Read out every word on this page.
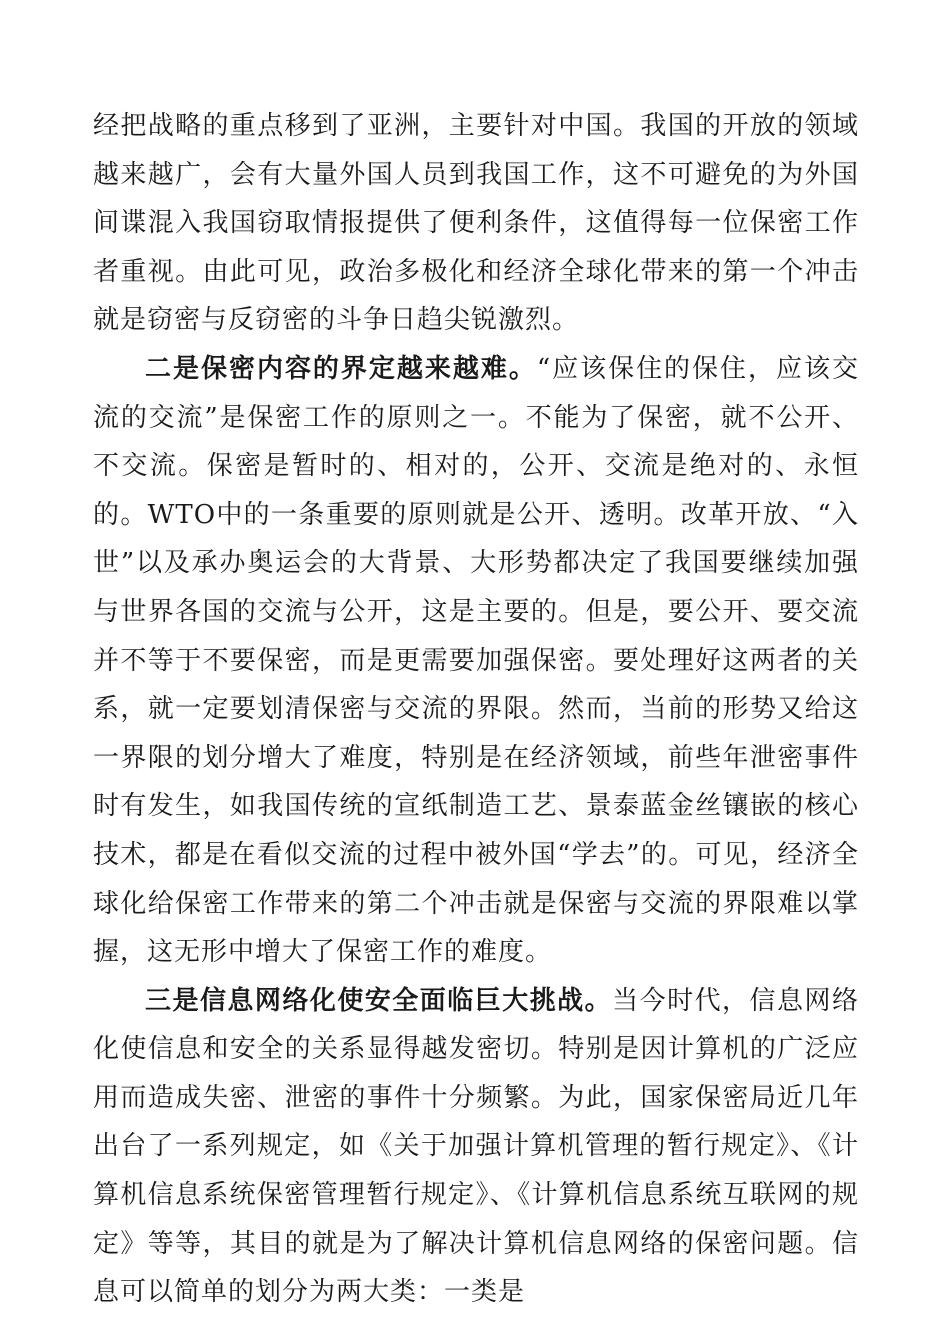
经把战略的重点移到了亚洲，主要针对中国。我国的开放的领域越来越广，会有大量外国人员到我国工作，这不可避免的为外国间谍混入我国窃取情报提供了便利条件，这值得每一位保密工作者重视。由此可见，政治多极化和经济全球化带来的第一个冲击就是窃密与反窃密的斗争日趋尖锐激烈。

二是保密内容的界定越来越难。“应该保住的保住，应该交流的交流”是保密工作的原则之一。不能为了保密，就不公开、不交流。保密是暂时的、相对的，公开、交流是绝对的、永恒的。WTO中的一条重要的原则就是公开、透明。改革开放、“入世”以及承办奥运会的大背景、大形势都决定了我国要继续加强与世界各国的交流与公开，这是主要的。但是，要公开、要交流并不等于不要保密，而是更需要加强保密。要处理好这两者的关系，就一定要划清保密与交流的界限。然而，当前的形势又给这一界限的划分增大了难度，特别是在经济领域，前些年泄密事件时有发生，如我国传统的宣纸制造工艺、景泰蓝金丝镶嵌的核心技术，都是在看似交流的过程中被外国“学去”的。可见，经济全球化给保密工作带来的第二个冲击就是保密与交流的界限难以掌握，这无形中增大了保密工作的难度。

三是信息网络化使安全面临巨大挑战。当今时代，信息网络化使信息和安全的关系显得越发密切。特别是因计算机的广泛应用而造成失密、泄密的事件十分频繁。为此，国家保密局近几年出台了一系列规定，如《关于加强计算机管理的暂行规定》、《计算机信息系统保密管理暂行规定》、《计算机信息系统互联网的规定》等等，其目的就是为了解决计算机信息网络的保密问题。信息可以简单的划分为两大类：一类是
